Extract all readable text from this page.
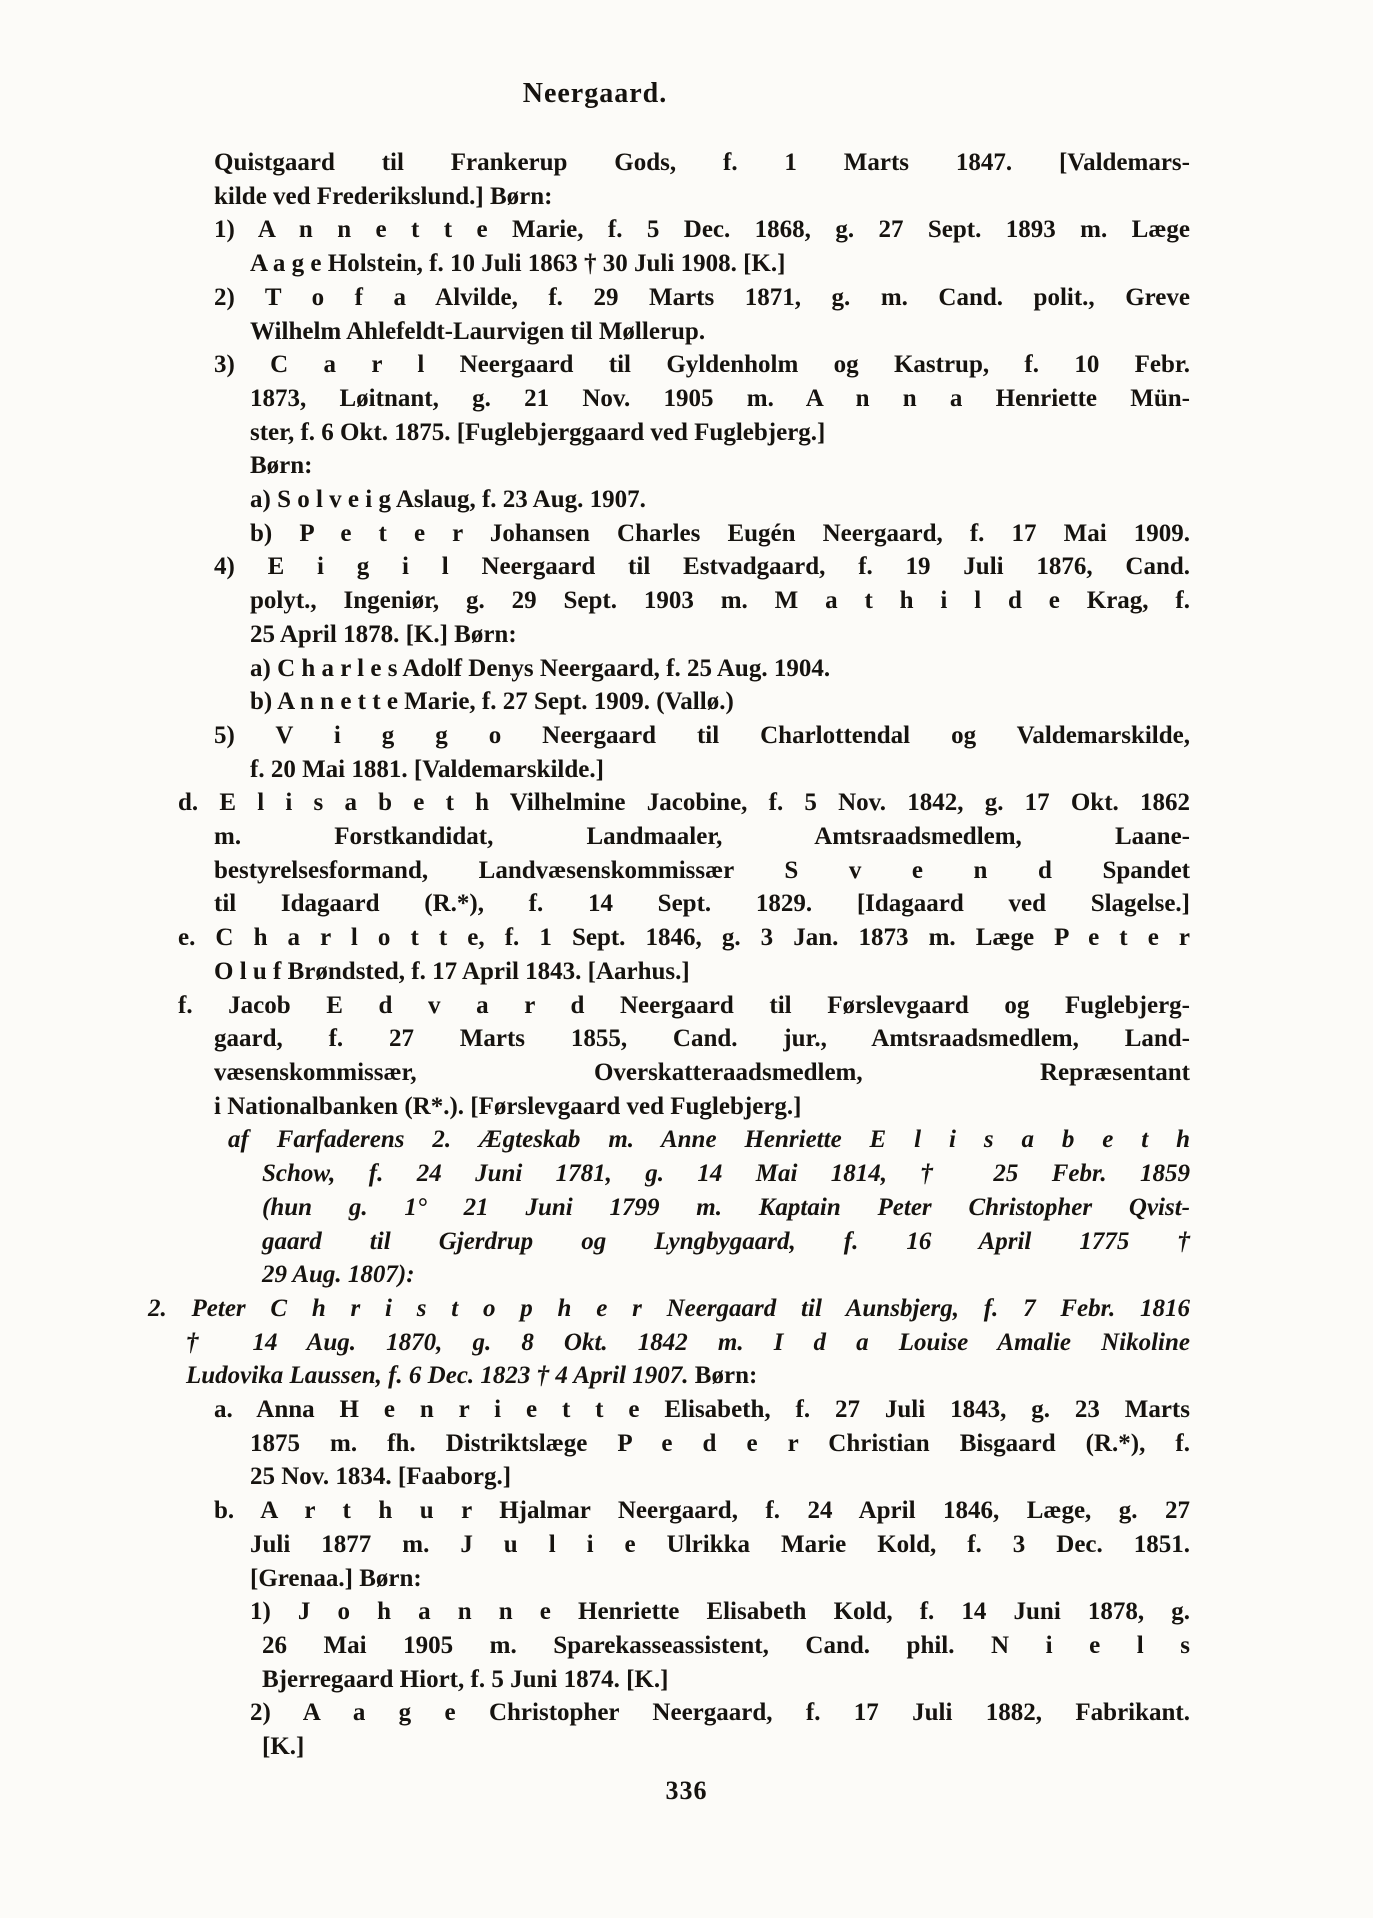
Neergaard.
Quistgaard til Frankerup Gods, f. 1 Marts 1847. [Valdemars-
kilde ved Frederikslund.] Børn:
1) A n n e t t e Marie, f. 5 Dec. 1868, g. 27 Sept. 1893 m. Læge
A a g e Holstein, f. 10 Juli 1863 † 30 Juli 1908. [K.]
2) T o f a Alvilde, f. 29 Marts 1871, g. m. Cand. polit., Greve
Wilhelm Ahlefeldt-Laurvigen til Møllerup.
3) C a r l Neergaard til Gyldenholm og Kastrup, f. 10 Febr.
1873, Løitnant, g. 21 Nov. 1905 m. A n n a Henriette Mün-
ster, f. 6 Okt. 1875. [Fuglebjerggaard ved Fuglebjerg.]
Børn:
a) S o l v e i g Aslaug, f. 23 Aug. 1907.
b) P e t e r Johansen Charles Eugén Neergaard, f. 17 Mai 1909.
4) E i g i l Neergaard til Estvadgaard, f. 19 Juli 1876, Cand.
polyt., Ingeniør, g. 29 Sept. 1903 m. M a t h i l d e Krag, f.
25 April 1878. [K.] Børn:
a) C h a r l e s Adolf Denys Neergaard, f. 25 Aug. 1904.
b) A n n e t t e Marie, f. 27 Sept. 1909. (Vallø.)
5) V i g g o Neergaard til Charlottendal og Valdemarskilde,
f. 20 Mai 1881. [Valdemarskilde.]
d. E l i s a b e t h Vilhelmine Jacobine, f. 5 Nov. 1842, g. 17 Okt. 1862
m. Forstkandidat, Landmaaler, Amtsraadsmedlem, Laane-
bestyrelsesformand, Landvæsenskommissær S v e n d Spandet
til Idagaard (R.*), f. 14 Sept. 1829. [Idagaard ved Slagelse.]
e. C h a r l o t t e, f. 1 Sept. 1846, g. 3 Jan. 1873 m. Læge P e t e r
O l u f Brøndsted, f. 17 April 1843. [Aarhus.]
f. Jacob E d v a r d Neergaard til Førslevgaard og Fuglebjerg-
gaard, f. 27 Marts 1855, Cand. jur., Amtsraadsmedlem, Land-
væsenskommissær, Overskatteraadsmedlem, Repræsentant
i Nationalbanken (R*.). [Førslevgaard ved Fuglebjerg.]
af Farfaderens 2. Ægteskab m. Anne Henriette E l i s a b e t h
Schow, f. 24 Juni 1781, g. 14 Mai 1814, † 25 Febr. 1859
(hun g. 1° 21 Juni 1799 m. Kaptain Peter Christopher Qvist-
gaard til Gjerdrup og Lyngbygaard, f. 16 April 1775 †
29 Aug. 1807):
2. Peter C h r i s t o p h e r Neergaard til Aunsbjerg, f. 7 Febr. 1816
† 14 Aug. 1870, g. 8 Okt. 1842 m. I d a Louise Amalie Nikoline
Ludovika Laussen, f. 6 Dec. 1823 † 4 April 1907. Børn:
a. Anna H e n r i e t t e Elisabeth, f. 27 Juli 1843, g. 23 Marts
1875 m. fh. Distriktslæge P e d e r Christian Bisgaard (R.*), f.
25 Nov. 1834. [Faaborg.]
b. A r t h u r Hjalmar Neergaard, f. 24 April 1846, Læge, g. 27
Juli 1877 m. J u l i e Ulrikka Marie Kold, f. 3 Dec. 1851.
[Grenaa.] Børn:
1) J o h a n n e Henriette Elisabeth Kold, f. 14 Juni 1878, g.
26 Mai 1905 m. Sparekasseassistent, Cand. phil. N i e l s
Bjerregaard Hiort, f. 5 Juni 1874. [K.]
2) A a g e Christopher Neergaard, f. 17 Juli 1882, Fabrikant.
[K.]
336
